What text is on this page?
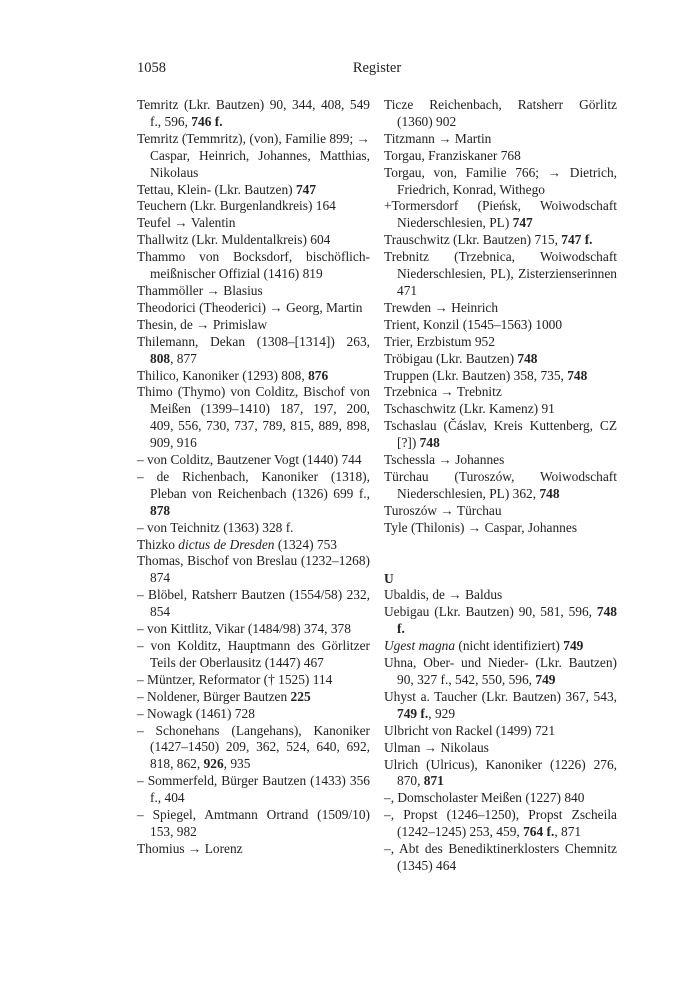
1058	Register

Temritz (Lkr. Bautzen) 90, 344, 408, 549 f., 596, 746 f.

Temritz (Temmritz), (von), Familie 899; → Caspar, Heinrich, Johannes, Matthias, Nikolaus

Tettau, Klein- (Lkr. Bautzen) 747

Teuchern (Lkr. Burgenlandkreis) 164

Teufel → Valentin

Thallwitz (Lkr. Muldentalkreis) 604

Thammo von Bocksdorf, bischöflich-meißnischer Offizial (1416) 819

Thammöller → Blasius

Theodorici (Theoderici) → Georg, Martin

Thesin, de → Primislaw

Thilemann, Dekan (1308–[1314]) 263, 808, 877

Thilico, Kanoniker (1293) 808, 876

Thimo (Thymo) von Colditz, Bischof von Meißen (1399–1410) 187, 197, 200, 409, 556, 730, 737, 789, 815, 889, 898, 909, 916

– von Colditz, Bautzener Vogt (1440) 744

– de Richenbach, Kanoniker (1318), Pleban von Reichenbach (1326) 699 f., 878

– von Teichnitz (1363) 328 f.

Thizko dictus de Dresden (1324) 753

Thomas, Bischof von Breslau (1232–1268) 874

– Blöbel, Ratsherr Bautzen (1554/58) 232, 854

– von Kittlitz, Vikar (1484/98) 374, 378

– von Kolditz, Hauptmann des Görlitzer Teils der Oberlausitz (1447) 467

– Müntzer, Reformator († 1525) 114

– Noldener, Bürger Bautzen 225

– Nowagk (1461) 728

– Schonehans (Langehans), Kanoniker (1427–1450) 209, 362, 524, 640, 692, 818, 862, 926, 935

– Sommerfeld, Bürger Bautzen (1433) 356 f., 404

– Spiegel, Amtmann Ortrand (1509/10) 153, 982

Thomius → Lorenz

Ticze Reichenbach, Ratsherr Görlitz (1360) 902

Titzmann → Martin

Torgau, Franziskaner 768

Torgau, von, Familie 766; → Dietrich, Friedrich, Konrad, Withego

+Tormersdorf (Pieńsk, Woiwodschaft Niederschlesien, PL) 747

Trauschwitz (Lkr. Bautzen) 715, 747 f.

Trebnitz (Trzebnica, Woiwodschaft Niederschlesien, PL), Zisterzienserinnen 471

Trewden → Heinrich

Trient, Konzil (1545–1563) 1000

Trier, Erzbistum 952

Tröbigau (Lkr. Bautzen) 748

Truppen (Lkr. Bautzen) 358, 735, 748

Trzebnica → Trebnitz

Tschaschwitz (Lkr. Kamenz) 91

Tschaslau (Čáslav, Kreis Kuttenberg, CZ [?]) 748

Tschessla → Johannes

Türchau (Turoszów, Woiwodschaft Niederschlesien, PL) 362, 748

Turoszów → Türchau

Tyle (Thilonis) → Caspar, Johannes

U

Ubaldis, de → Baldus

Uebigau (Lkr. Bautzen) 90, 581, 596, 748 f.

Ugest magna (nicht identifiziert) 749

Uhna, Ober- und Nieder- (Lkr. Bautzen) 90, 327 f., 542, 550, 596, 749

Uhyst a. Taucher (Lkr. Bautzen) 367, 543, 749 f., 929

Ulbricht von Rackel (1499) 721

Ulman → Nikolaus

Ulrich (Ulricus), Kanoniker (1226) 276, 870, 871

–, Domscholaster Meißen (1227) 840

–, Propst (1246–1250), Propst Zscheila (1242–1245) 253, 459, 764 f., 871

–, Abt des Benediktinerklosters Chemnitz (1345) 464
